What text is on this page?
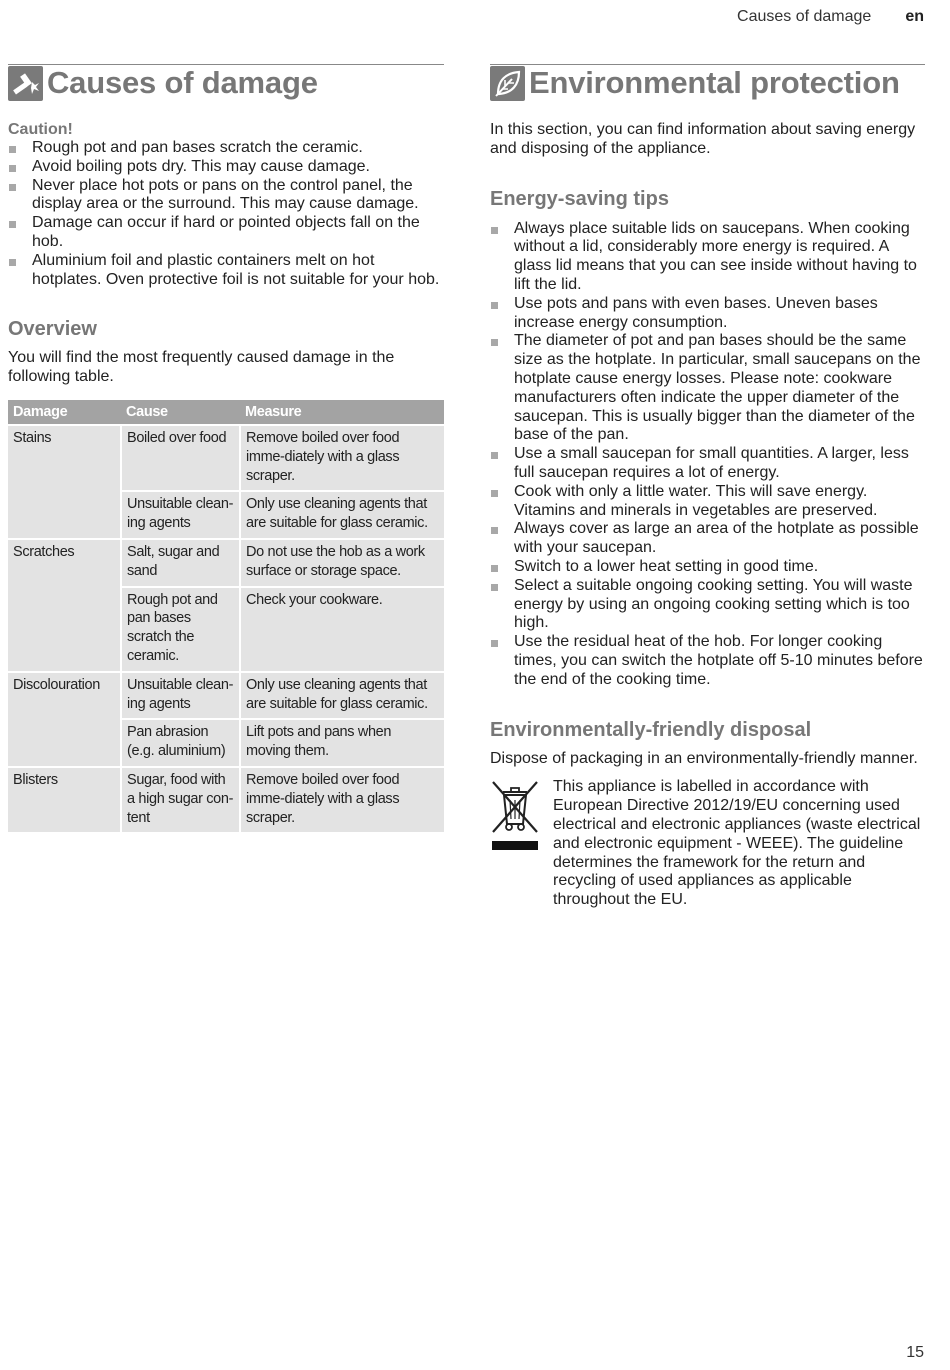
Causes of damage en
Causes of damage
Caution!
Rough pot and pan bases scratch the ceramic.
Avoid boiling pots dry. This may cause damage.
Never place hot pots or pans on the control panel, the display area or the surround. This may cause damage.
Damage can occur if hard or pointed objects fall on the hob.
Aluminium foil and plastic containers melt on hot hotplates. Oven protective foil is not suitable for your hob.
Overview

You will find the most frequently caused damage in the following table.

Damage	Cause	Measure
Stains	Boiled over food	Remove boiled over food imme-diately with a glass scraper.
	Unsuitable clean-ing agents	Only use cleaning agents that are suitable for glass ceramic.
Scratches	Salt, sugar and sand	Do not use the hob as a work surface or storage space.
	Rough pot and pan bases scratch the ceramic.	Check your cookware.
Discolouration	Unsuitable clean-ing agents	Only use cleaning agents that are suitable for glass ceramic.
	Pan abrasion (e.g. aluminium)	Lift pots and pans when moving them.
Blisters	Sugar, food with a high sugar con-tent	Remove boiled over food imme-diately with a glass scraper.
Environmental protection

In this section, you can find information about saving energy and disposing of the appliance.

Energy-saving tips
Always place suitable lids on saucepans. When cooking without a lid, considerably more energy is required. A glass lid means that you can see inside without having to lift the lid.
Use pots and pans with even bases. Uneven bases increase energy consumption.
The diameter of pot and pan bases should be the same size as the hotplate. In particular, small saucepans on the hotplate cause energy losses. Please note: cookware manufacturers often indicate the upper diameter of the saucepan. This is usually bigger than the diameter of the base of the pan.
Use a small saucepan for small quantities. A larger, less full saucepan requires a lot of energy.
Cook with only a little water. This will save energy. Vitamins and minerals in vegetables are preserved.
Always cover as large an area of the hotplate as possible with your saucepan.
Switch to a lower heat setting in good time.
Select a suitable ongoing cooking setting. You will waste energy by using an ongoing cooking setting which is too high.
Use the residual heat of the hob. For longer cooking times, you can switch the hotplate off 5-10 minutes before the end of the cooking time.
Environmentally-friendly disposal

Dispose of packaging in an environmentally-friendly manner.

This appliance is labelled in accordance with European Directive 2012/19/EU concerning used electrical and electronic appliances (waste electrical and electronic equipment - WEEE). The guideline determines the framework for the return and recycling of used appliances as applicable throughout the EU.

15
